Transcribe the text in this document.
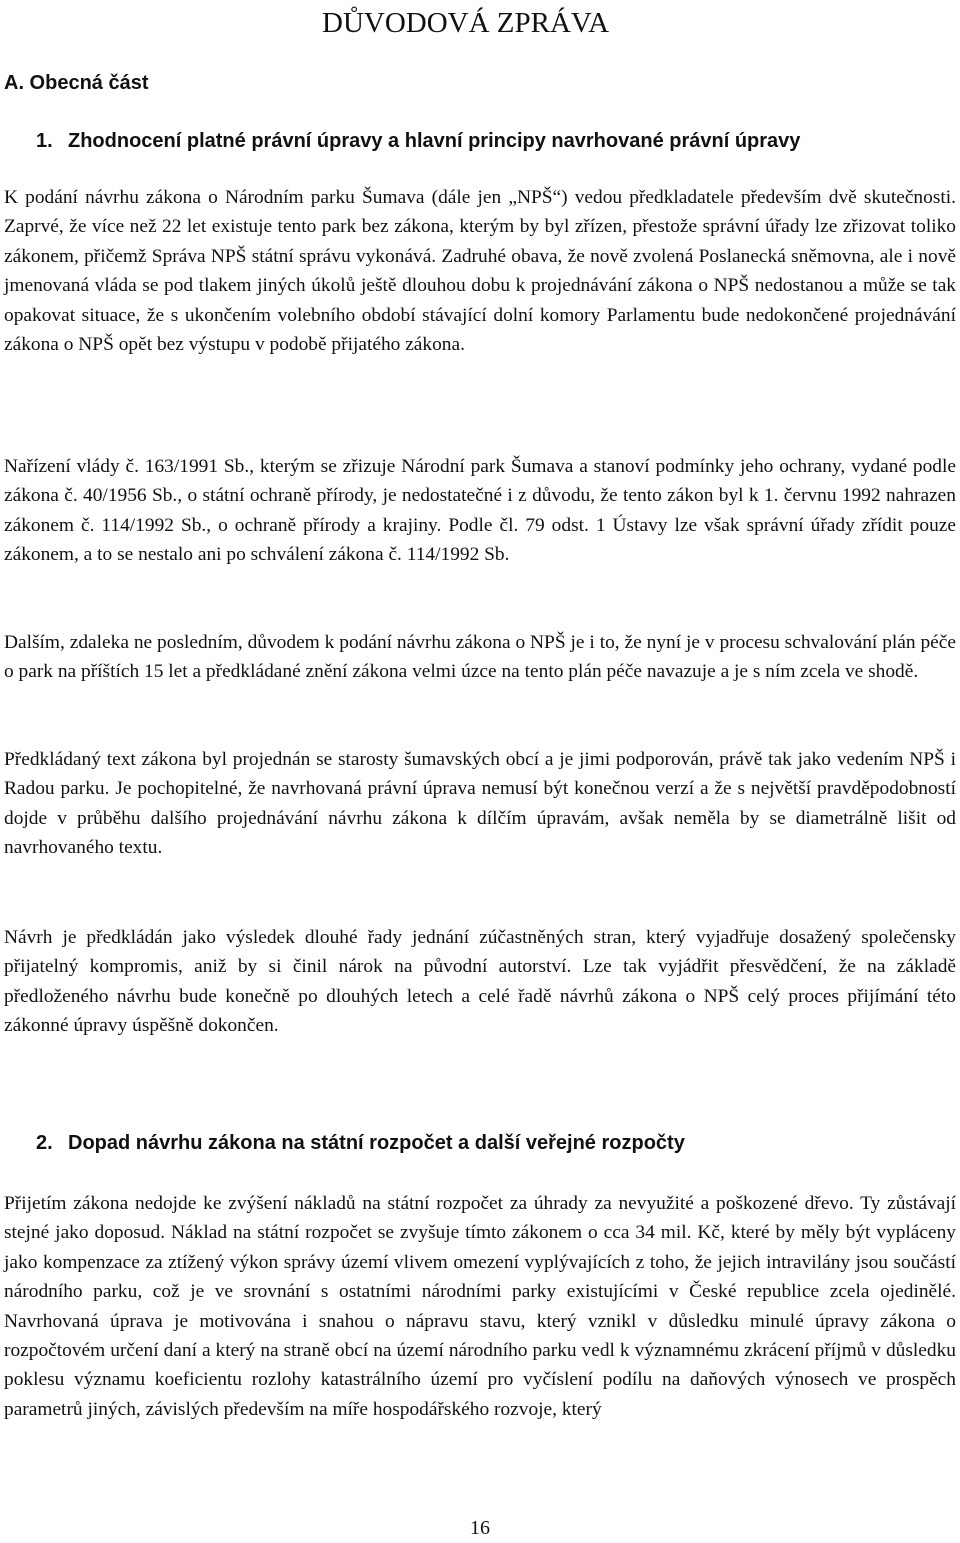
DŮVODOVÁ ZPRÁVA

A. Obecná část

1. Zhodnocení platné právní úpravy a hlavní principy navrhované právní úpravy

K podání návrhu zákona o Národním parku Šumava (dále jen „NPŠ“) vedou předkladatele především dvě skutečnosti. Zaprvé, že více než 22 let existuje tento park bez zákona, kterým by byl zřízen, přestože správní úřady lze zřizovat toliko zákonem, přičemž Správa NPŠ státní správu vykonává. Zadruhé obava, že nově zvolená Poslanecká sněmovna, ale i nově jmenovaná vláda se pod tlakem jiných úkolů ještě dlouhou dobu k projednávání zákona o NPŠ nedostanou a může se tak opakovat situace, že s ukončením volebního období stávající dolní komory Parlamentu bude nedokončené projednávání zákona o NPŠ opět bez výstupu v podobě přijatého zákona.

Nařízení vlády č. 163/1991 Sb., kterým se zřizuje Národní park Šumava a stanoví podmínky jeho ochrany, vydané podle zákona č. 40/1956 Sb., o státní ochraně přírody, je nedostatečné i z důvodu, že tento zákon byl k 1. červnu 1992 nahrazen zákonem č. 114/1992 Sb., o ochraně přírody a krajiny. Podle čl. 79 odst. 1 Ústavy lze však správní úřady zřídit pouze zákonem, a to se nestalo ani po schválení zákona č. 114/1992 Sb.

Dalším, zdaleka ne posledním, důvodem k podání návrhu zákona o NPŠ je i to, že nyní je v procesu schvalování plán péče o park na příštích 15 let a předkládané znění zákona velmi úzce na tento plán péče navazuje a je s ním zcela ve shodě.

Předkládaný text zákona byl projednán se starosty šumavských obcí a je jimi podporován, právě tak jako vedením NPŠ i Radou parku. Je pochopitelné, že navrhovaná právní úprava nemusí být konečnou verzí a že s největší pravděpodobností dojde v průběhu dalšího projednávání návrhu zákona k dílčím úpravám, avšak neměla by se diametrálně lišit od navrhovaného textu.

Návrh je předkládán jako výsledek dlouhé řady jednání zúčastněných stran, který vyjadřuje dosažený společensky přijatelný kompromis, aniž by si činil nárok na původní autorství. Lze tak vyjádřit přesvědčení, že na základě předloženého návrhu bude konečně po dlouhých letech a celé řadě návrhů zákona o NPŠ celý proces přijímání této zákonné úpravy úspěšně dokončen.

2. Dopad návrhu zákona na státní rozpočet a další veřejné rozpočty

Přijetím zákona nedojde ke zvýšení nákladů na státní rozpočet za úhrady za nevyužité a poškozené dřevo. Ty zůstávají stejné jako doposud. Náklad na státní rozpočet se zvyšuje tímto zákonem o cca 34 mil. Kč, které by měly být vypláceny jako kompenzace za ztížený výkon správy území vlivem omezení vyplývajících z toho, že jejich intravilány jsou součástí národního parku, což je ve srovnání s ostatními národními parky existujícími v České republice zcela ojedinělé. Navrhovaná úprava je motivována i snahou o nápravu stavu, který vznikl v důsledku minulé úpravy zákona o rozpočtovém určení daní a který na straně obcí na území národního parku vedl k významnému zkrácení příjmů v důsledku poklesu významu koeficientu rozlohy katastrálního území pro vyčíslení podílu na daňových výnosech ve prospěch parametrů jiných, závislých především na míře hospodářského rozvoje, který

16
